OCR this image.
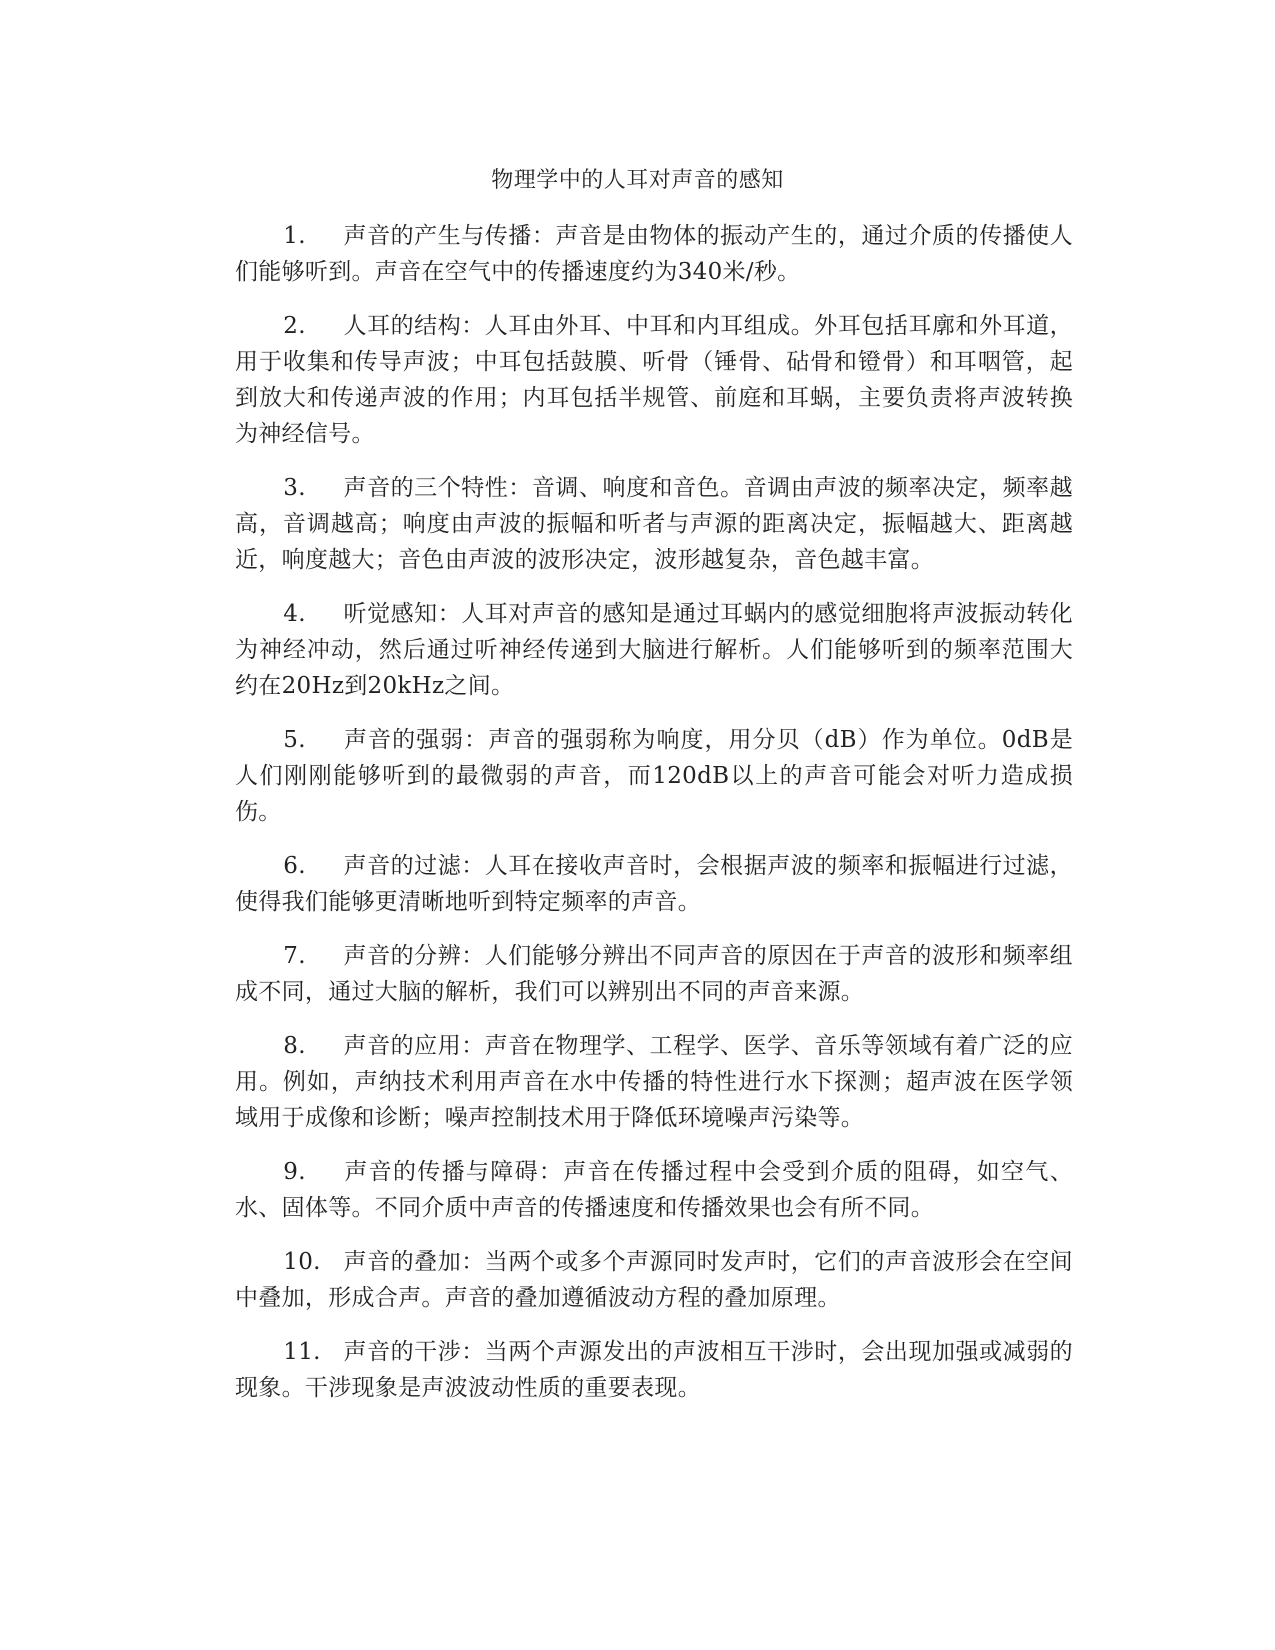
物理学中的人耳对声音的感知

1. 声音的产生与传播：声音是由物体的振动产生的，通过介质的传播使人们能够听到。声音在空气中的传播速度约为340米/秒。

2. 人耳的结构：人耳由外耳、中耳和内耳组成。外耳包括耳廓和外耳道，用于收集和传导声波；中耳包括鼓膜、听骨（锤骨、砧骨和镫骨）和耳咽管，起到放大和传递声波的作用；内耳包括半规管、前庭和耳蜗，主要负责将声波转换为神经信号。

3. 声音的三个特性：音调、响度和音色。音调由声波的频率决定，频率越高，音调越高；响度由声波的振幅和听者与声源的距离决定，振幅越大、距离越近，响度越大；音色由声波的波形决定，波形越复杂，音色越丰富。

4. 听觉感知：人耳对声音的感知是通过耳蜗内的感觉细胞将声波振动转化为神经冲动，然后通过听神经传递到大脑进行解析。人们能够听到的频率范围大约在20Hz到20kHz之间。

5. 声音的强弱：声音的强弱称为响度，用分贝（dB）作为单位。0dB是人们刚刚能够听到的最微弱的声音，而120dB以上的声音可能会对听力造成损伤。

6. 声音的过滤：人耳在接收声音时，会根据声波的频率和振幅进行过滤，使得我们能够更清晰地听到特定频率的声音。

7. 声音的分辨：人们能够分辨出不同声音的原因在于声音的波形和频率组成不同，通过大脑的解析，我们可以辨别出不同的声音来源。

8. 声音的应用：声音在物理学、工程学、医学、音乐等领域有着广泛的应用。例如，声纳技术利用声音在水中传播的特性进行水下探测；超声波在医学领域用于成像和诊断；噪声控制技术用于降低环境噪声污染等。

9. 声音的传播与障碍：声音在传播过程中会受到介质的阻碍，如空气、水、固体等。不同介质中声音的传播速度和传播效果也会有所不同。

10. 声音的叠加：当两个或多个声源同时发声时，它们的声音波形会在空间中叠加，形成合声。声音的叠加遵循波动方程的叠加原理。

11. 声音的干涉：当两个声源发出的声波相互干涉时，会出现加强或减弱的现象。干涉现象是声波波动性质的重要表现。
